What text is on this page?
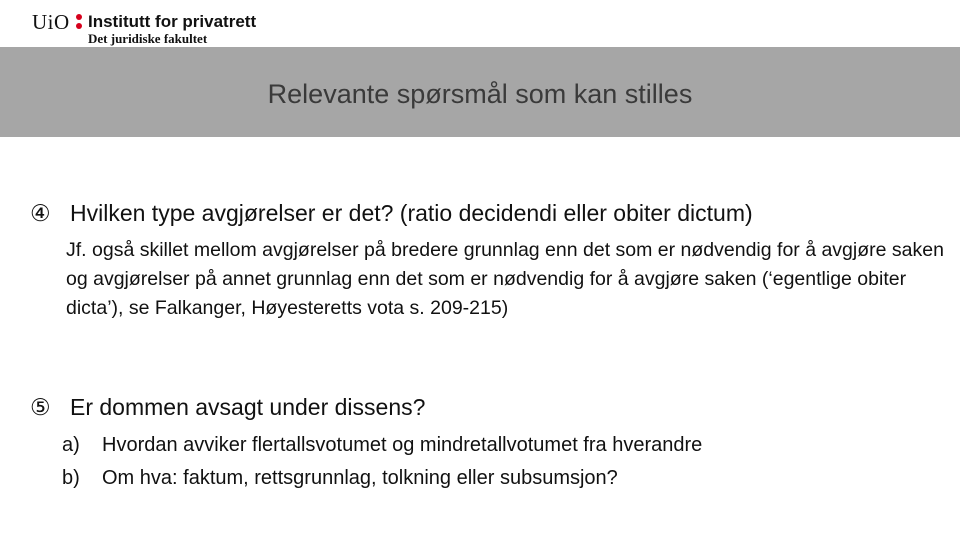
UiO Institutt for privatrett
Det juridiske fakultet
Relevante spørsmål som kan stilles
④ Hvilken type avgjørelser er det? (ratio decidendi eller obiter dictum)
Jf. også skillet mellom avgjørelser på bredere grunnlag enn det som er nødvendig for å avgjøre saken og avgjørelser på annet grunnlag enn det som er nødvendig for å avgjøre saken (‘egentlige obiter dicta’), se Falkanger, Høyesteretts vota s. 209-215)
⑤ Er dommen avsagt under dissens?
a) Hvordan avviker flertallsvotumet og mindretallvotumet fra hverandre
b) Om hva: faktum, rettsgrunnlag, tolkning eller subsumsjon?
